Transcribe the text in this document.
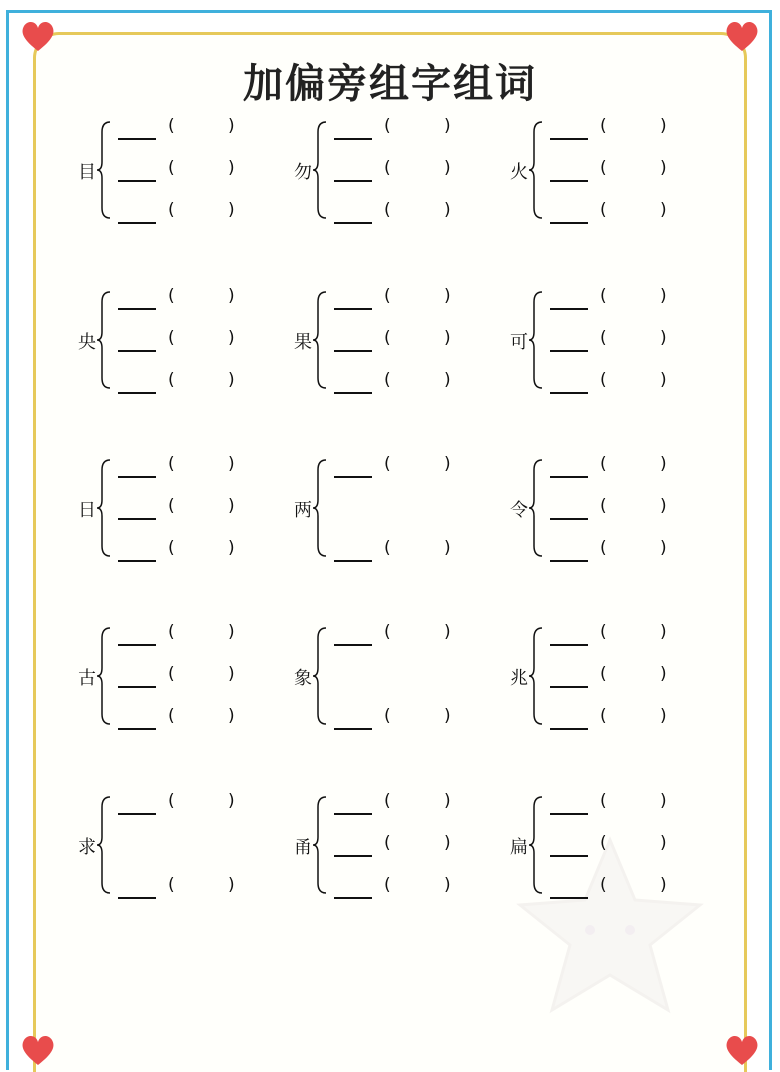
加偏旁组字组词
目
(	)
(	)
(	)
勿
(	)
(	)
(	)
火
(	)
(	)
(	)
央
(	)
(	)
(	)
果
(	)
(	)
(	)
可
(	)
(	)
(	)
日
(	)
(	)
(	)
两
(	)
(	)
令
(	)
(	)
(	)
古
(	)
(	)
(	)
象
(	)
(	)
兆
(	)
(	)
(	)
求
(	)
(	)
甬
(	)
(	)
(	)
扁
(	)
(	)
(	)
